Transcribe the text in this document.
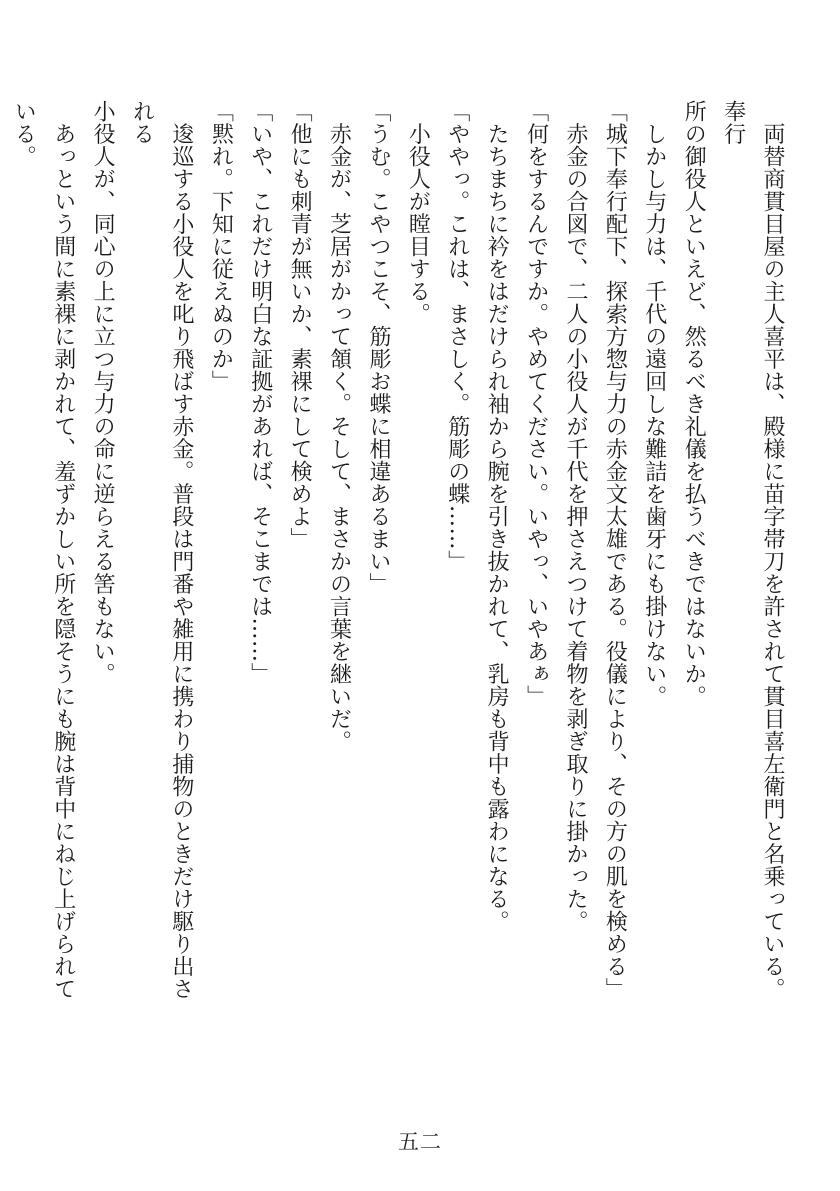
　両替商貫目屋の主人喜平は、殿様に苗字帯刀を許されて貫目喜左衛門と名乗っている。奉行
所の御役人といえど、然るべき礼儀を払うべきではないか。
　しかし与力は、千代の遠回しな難詰を歯牙にも掛けない。
「城下奉行配下、探索方惣与力の赤金文太雄である。役儀により、その方の肌を検める」
　赤金の合図で、二人の小役人が千代を押さえつけて着物を剥ぎ取りに掛かった。
「何をするんですか。やめてください。いやっ、いやあぁ」
　たちまちに衿をはだけられ袖から腕を引き抜かれて、乳房も背中も露わになる。
「ややっ。これは、まさしく。筋彫の蝶……」
　小役人が瞠目する。
「うむ。こやつこそ、筋彫お蝶に相違あるまい」
　赤金が、芝居がかって頷く。そして、まさかの言葉を継いだ。
「他にも刺青が無いか、素裸にして検めよ」
「いや、これだけ明白な証拠があれば、そこまでは……」
「黙れ。下知に従えぬのか」
　逡巡する小役人を叱り飛ばす赤金。普段は門番や雑用に携わり捕物のときだけ駆り出される
小役人が、同心の上に立つ与力の命に逆らえる筈もない。
　あっという間に素裸に剥かれて、羞ずかしい所を隠そうにも腕は背中にねじ上げられている。
五二
